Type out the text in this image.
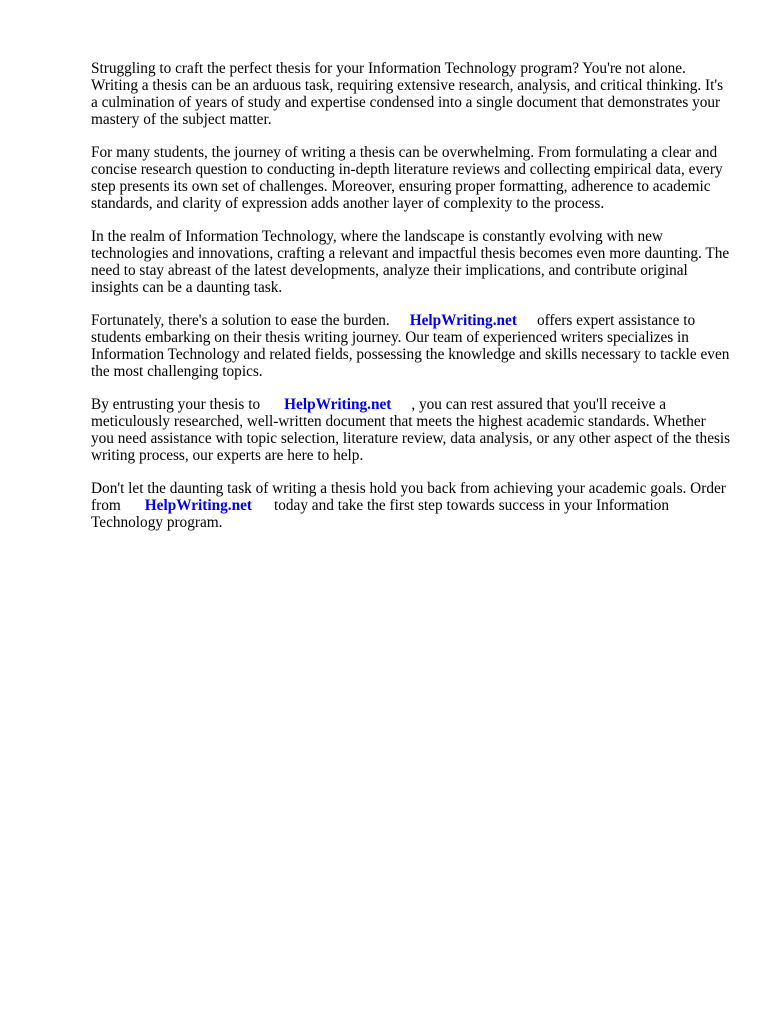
Struggling to craft the perfect thesis for your Information Technology program? You're not alone. Writing a thesis can be an arduous task, requiring extensive research, analysis, and critical thinking. It's a culmination of years of study and expertise condensed into a single document that demonstrates your mastery of the subject matter.

For many students, the journey of writing a thesis can be overwhelming. From formulating a clear and concise research question to conducting in-depth literature reviews and collecting empirical data, every step presents its own set of challenges. Moreover, ensuring proper formatting, adherence to academic standards, and clarity of expression adds another layer of complexity to the process.

In the realm of Information Technology, where the landscape is constantly evolving with new technologies and innovations, crafting a relevant and impactful thesis becomes even more daunting. The need to stay abreast of the latest developments, analyze their implications, and contribute original insights can be a daunting task.

Fortunately, there's a solution to ease the burden. HelpWriting.net offers expert assistance to students embarking on their thesis writing journey. Our team of experienced writers specializes in Information Technology and related fields, possessing the knowledge and skills necessary to tackle even the most challenging topics.

By entrusting your thesis to HelpWriting.net , you can rest assured that you'll receive a meticulously researched, well-written document that meets the highest academic standards. Whether you need assistance with topic selection, literature review, data analysis, or any other aspect of the thesis writing process, our experts are here to help.

Don't let the daunting task of writing a thesis hold you back from achieving your academic goals. Order from HelpWriting.net today and take the first step towards success in your Information Technology program.
